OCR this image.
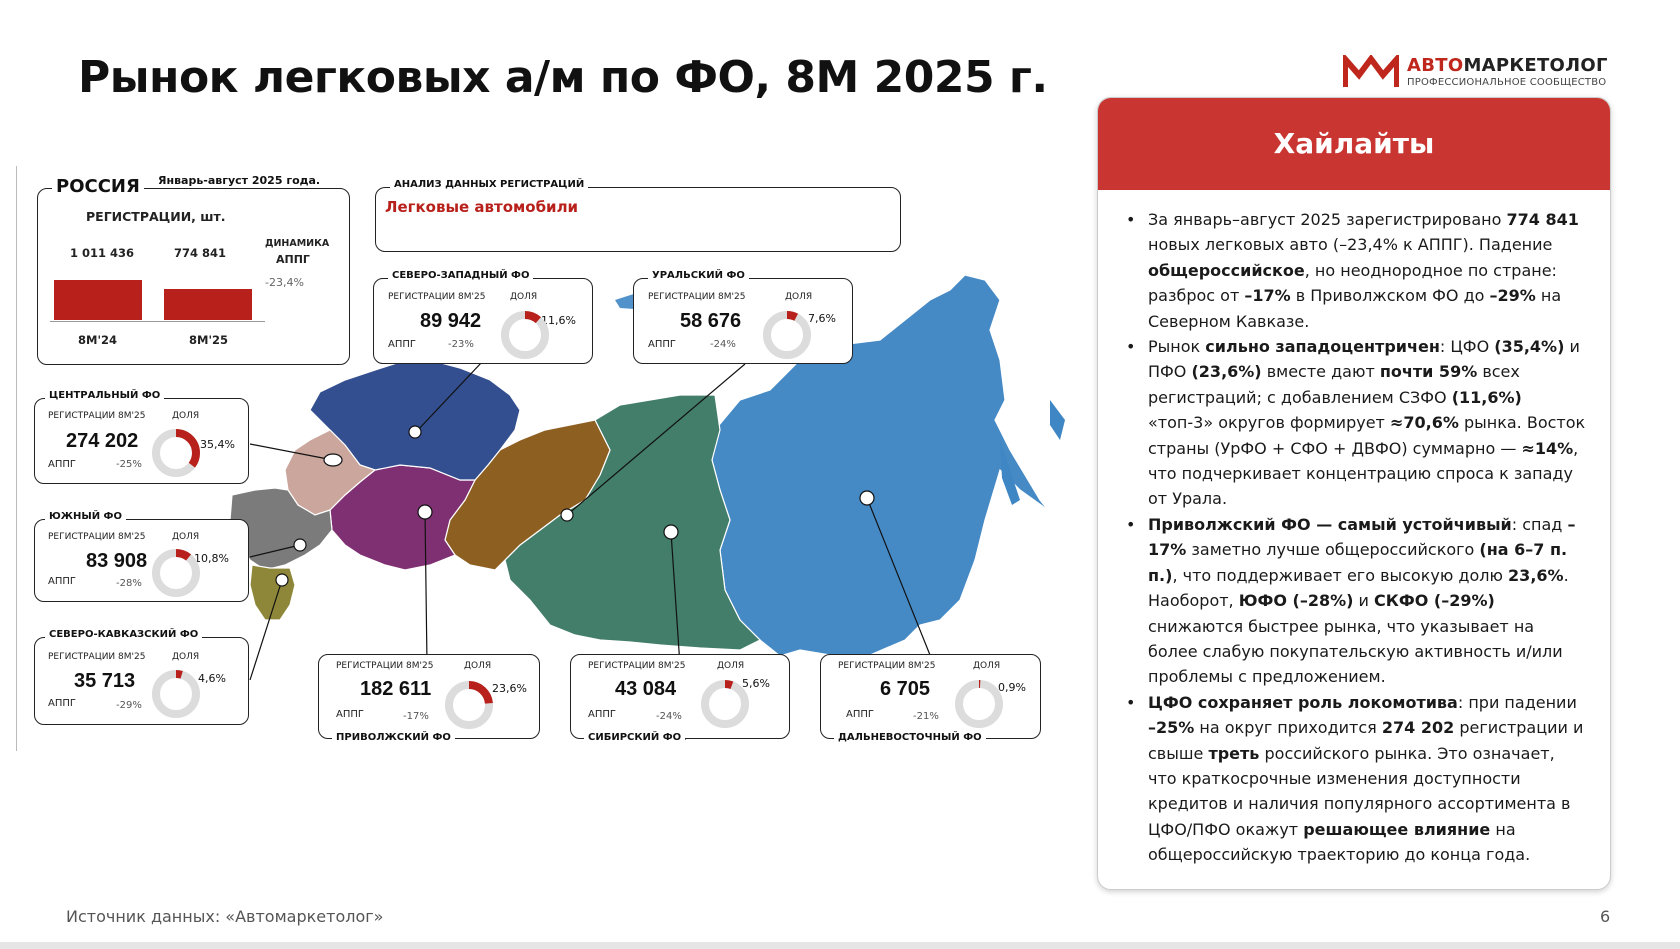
Рынок легковых а/м по ФО, 8М 2025 г.	АВТОМАРКЕТОЛОГ
ПРОФЕССИОНАЛЬНОЕ СООБЩЕСТВО
РОССИЯ	Январь-август 2025 года.
РЕГИСТРАЦИИ, шт.
1 011 436	774 841
ДИНАМИКА
АППГ
-23,4%
8M'24	8M'25
АНАЛИЗ ДАННЫХ РЕГИСТРАЦИЙ
Легковые автомобили
СЕВЕРО-ЗАПАДНЫЙ ФО
РЕГИСТРАЦИИ 8М'25	ДОЛЯ
89 942
АППГ	-23%
11,6%
УРАЛЬСКИЙ ФО
РЕГИСТРАЦИИ 8М'25	ДОЛЯ
58 676
АППГ	-24%
7,6%
ЦЕНТРАЛЬНЫЙ ФО
РЕГИСТРАЦИИ 8М'25	ДОЛЯ
274 202
АППГ	-25%
35,4%
ЮЖНЫЙ ФО
РЕГИСТРАЦИИ 8М'25	ДОЛЯ
83 908
АППГ	-28%
10,8%
СЕВЕРО-КАВКАЗСКИЙ ФО
РЕГИСТРАЦИИ 8М'25	ДОЛЯ
35 713
АППГ	-29%
4,6%
ПРИВОЛЖСКИЙ ФО
РЕГИСТРАЦИИ 8М'25	ДОЛЯ
182 611
АППГ	-17%
23,6%
СИБИРСКИЙ ФО
РЕГИСТРАЦИИ 8М'25	ДОЛЯ
43 084
АППГ	-24%
5,6%
ДАЛЬНЕВОСТОЧНЫЙ ФО
РЕГИСТРАЦИИ 8М'25	ДОЛЯ
6 705
АППГ	-21%
0,9%
Хайлайты
• За январь–август 2025 зарегистрировано 774 841 новых легковых авто (–23,4% к АППГ). Падение общероссийское, но неоднородное по стране: разброс от –17% в Приволжском ФО до –29% на Северном Кавказе.
• Рынок сильно западоцентричен: ЦФО (35,4%) и ПФО (23,6%) вместе дают почти 59% всех регистраций; с добавлением СЗФО (11,6%) «топ-3» округов формирует ≈70,6% рынка. Восток страны (УрФО + СФО + ДВФО) суммарно — ≈14%, что подчеркивает концентрацию спроса к западу от Урала.
• Приволжский ФО — самый устойчивый: спад –17% заметно лучше общероссийского (на 6–7 п. п.), что поддерживает его высокую долю 23,6%. Наоборот, ЮФО (–28%) и СКФО (–29%) снижаются быстрее рынка, что указывает на более слабую покупательскую активность и/или проблемы с предложением.
• ЦФО сохраняет роль локомотива: при падении –25% на округ приходится 274 202 регистрации и свыше треть российского рынка. Это означает, что краткосрочные изменения доступности кредитов и наличия популярного ассортимента в ЦФО/ПФО окажут решающее влияние на общероссийскую траекторию до конца года.
Источник данных: «Автомаркетолог»	6
